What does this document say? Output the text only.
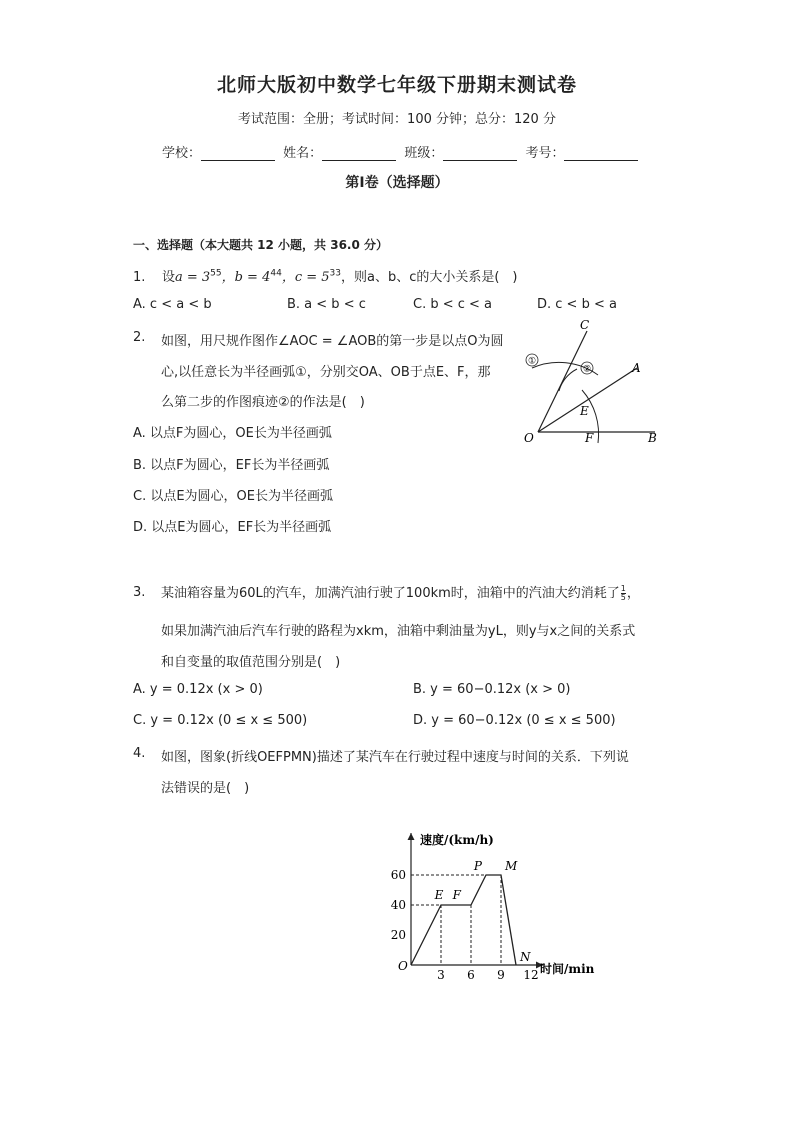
北师大版初中数学七年级下册期末测试卷
考试范围：全册；考试时间：100 分钟；总分：120 分
学校：	姓名：	班级：	考号：
第I卷（选择题）
一、选择题（本大题共 12 小题，共 36.0 分）
1. 设$a = 3^{55}$，$b = 4^{44}$，$c = 5^{33}$，则a、b、c的大小关系是(　)
A. c < a < b	B. a < b < c	C. b < c < a	D. c < b < a
2. 如图，用尺规作图作∠AOC = ∠AOB的第一步是以点O为圆
心,以任意长为半径画弧①，分别交OA、OB于点E、F，那
么第二步的作图痕迹②的作法是(　)
A. 以点F为圆心，OE长为半径画弧
B. 以点F为圆心，EF长为半径画弧
C. 以点E为圆心，OE长为半径画弧
D. 以点E为圆心，EF长为半径画弧
①
②
C
A
E
O	F	B
3. 某油箱容量为60L的汽车，加满汽油行驶了100km时，油箱中的汽油大约消耗了 $\frac{1}{5}$ ，
如果加满汽油后汽车行驶的路程为xkm，油箱中剩油量为yL，则y与x之间的关系式
和自变量的取值范围分别是(　)
A. y = 0.12x (x > 0)	B. y = 60−0.12x (x > 0)
C. y = 0.12x (0 ≤ x ≤ 500)	D. y = 60−0.12x (0 ≤ x ≤ 500)
4. 如图，图象(折线OEFPMN)描述了某汽车在行驶过程中速度与时间的关系．下列说
法错误的是(　)
速度/(km/h)
时间/min
O
3 6 9 12
20
40
60
E F
P M
N
